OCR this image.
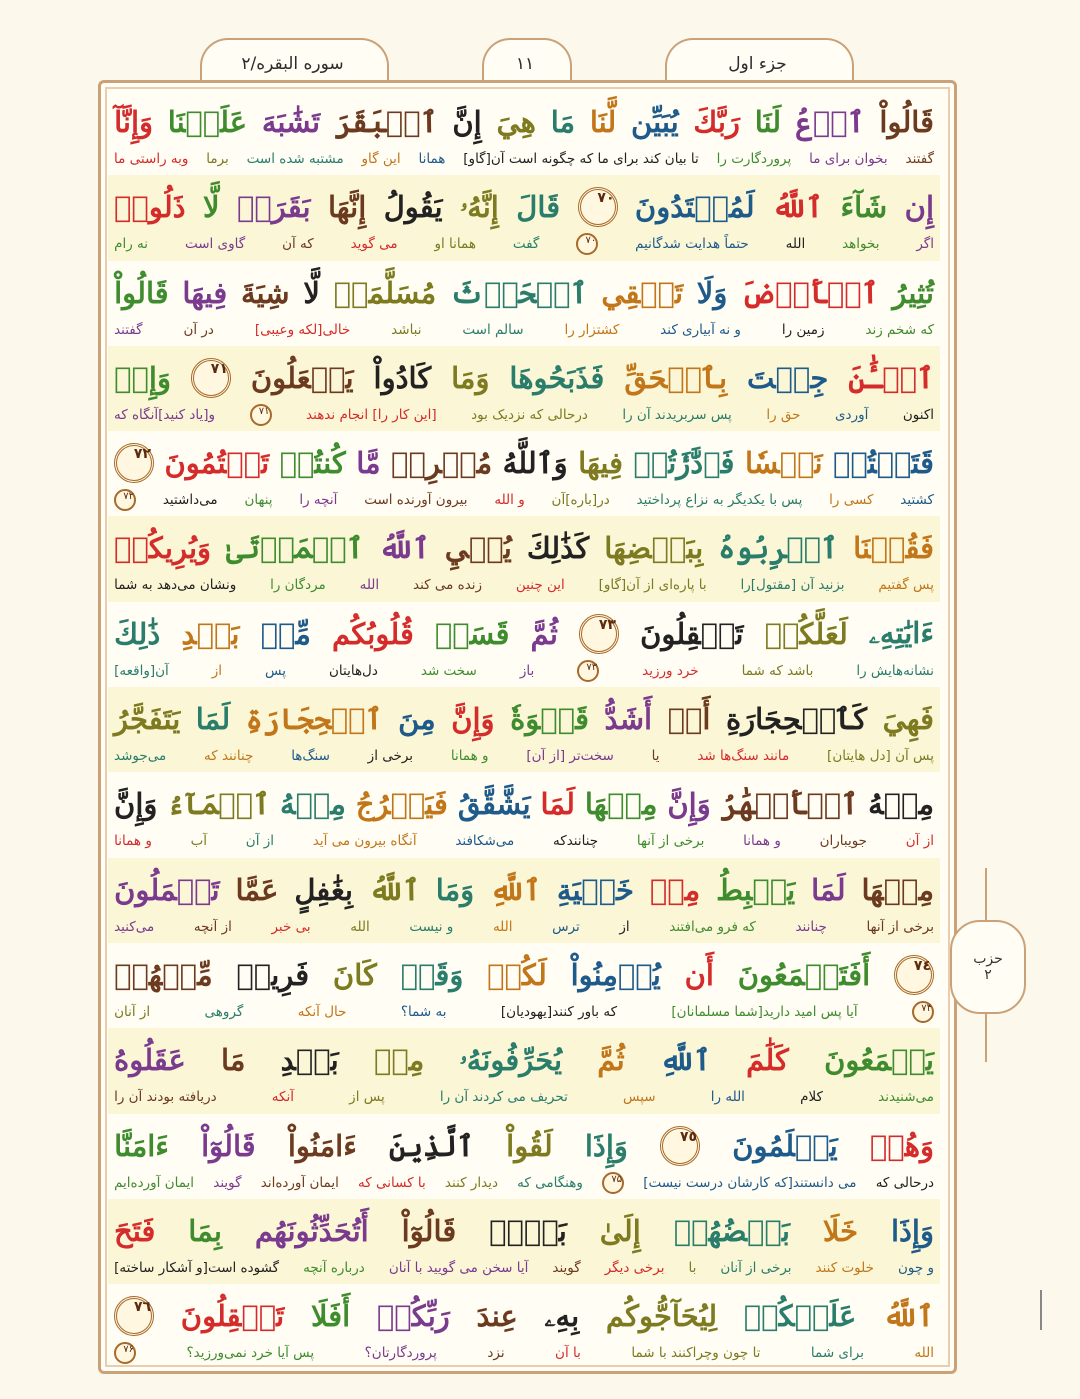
سوره البقره/۲	۱۱	جزء اول
قَالُواْ
ٱدۡعُ
لَنَا
رَبَّكَ
يُبَيِّن
لَّنَا
مَا
هِيَ
إِنَّ
ٱلۡبَقَرَ
تَشَٰبَهَ
عَلَيۡنَا
وَإِنَّآ
گفتند
بخوان برای ما
پروردگارت را
تا بیان کند برای ما که چگونه است آن[گاو]
همانا
این گاو
مشتبه شده است
برما
وبه راستی ما
إِن
شَآءَ
ٱللَّهُ
لَمُهۡتَدُونَ
٧٠
قَالَ
إِنَّهُۥ
يَقُولُ
إِنَّهَا
بَقَرَةٞ
لَّا
ذَلُولٞ
اگر
بخواهد
الله
حتماً هدایت شدگانیم
۷۰
گفت
همانا او
می گوید
که آن
گاوی است
نه رام
تُثِيرُ
ٱلۡأَرۡضَ
وَلَا
تَسۡقِي
ٱلۡحَرۡثَ
مُسَلَّمَةٞ
لَّا
شِيَةَ
فِيهَا
قَالُواْ
که شخم زند
زمین را
و نه آبیاری کند
کشتزار را
سالم است
نباشد
خالی[لکه وعیبی]
در آن
گفتند
ٱلۡـَٰٔنَ
جِئۡتَ
بِٱلۡحَقِّ
فَذَبَحُوهَا
وَمَا
كَادُواْ
يَفۡعَلُونَ
٧١
وَإِذۡ
اکنون
آوردی
حق را
پس سربریدند آن را
درحالی که نزدیک بود
[این کار را] انجام ندهند
۷۱
و[یاد کنید]آنگاه که
قَتَلۡتُمۡ
نَفۡسٗا
فَٱدَّٰرَٰٔتُمۡ
فِيهَا
وَٱللَّهُ
مُخۡرِجٞ
مَّا
كُنتُمۡ
تَكۡتُمُونَ
٧٢
کشتید
کسی را
پس با یکدیگر به نزاع پرداختید
در[باره]آن
و الله
بیرون آورنده است
آنچه را
پنهان
می‌داشتید
۷۲
فَقُلۡنَا
ٱضۡرِبُوهُ
بِبَعۡضِهَا
كَذَٰلِكَ
يُحۡيِ
ٱللَّهُ
ٱلۡمَوۡتَىٰ
وَيُرِيكُمۡ
پس گفتیم
بزنید آن [مقتول]را
با پاره‌ای از آن[گاو]
این چنین
زنده می کند
الله
مردگان را
ونشان می‌دهد به شما
ءَايَٰتِهِۦ
لَعَلَّكُمۡ
تَعۡقِلُونَ
٧٣
ثُمَّ
قَسَتۡ
قُلُوبُكُم
مِّنۢ
بَعۡدِ
ذَٰلِكَ
نشانه‌هایش را
باشد که شما
خرد ورزید
۷۳
باز
سخت شد
دل‌هایتان
پس
از
آن[واقعه]
فَهِيَ
كَٱلۡحِجَارَةِ
أَوۡ
أَشَدُّ
قَسۡوَةٗ
وَإِنَّ
مِنَ
ٱلۡحِجَارَةِ
لَمَا
يَتَفَجَّرُ
پس آن [دل هایتان]
مانند سنگ‌ها شد
یا
سخت‌تر [از آن]
و همانا
برخی از
سنگ‌ها
چنانند که
می‌جوشد
مِنۡهُ
ٱلۡأَنۡهَٰرُ
وَإِنَّ
مِنۡهَا
لَمَا
يَشَّقَّقُ
فَيَخۡرُجُ
مِنۡهُ
ٱلۡمَآءُ
وَإِنَّ
از آن
جویباران
و همانا
برخی از آنها
چنانندکه
می‌شکافند
آنگاه بیرون می آید
از آن
آب
و همانا
مِنۡهَا
لَمَا
يَهۡبِطُ
مِنۡ
خَشۡيَةِ
ٱللَّهِ
وَمَا
ٱللَّهُ
بِغَٰفِلٍ
عَمَّا
تَعۡمَلُونَ
برخی از آنها
چنانند
که فرو می‌افتند
از
ترس
الله
و نیست
الله
بی خبر
از آنچه
می‌کنید
٧٤
أَفَتَطۡمَعُونَ
أَن
يُؤۡمِنُواْ
لَكُمۡ
وَقَدۡ
كَانَ
فَرِيقٞ
مِّنۡهُمۡ
۷۴
آیا پس امید دارید[شما مسلمانان]
که باور کنند[یهودیان]
به شما؟
حال آنکه
گروهی
از آنان
يَسۡمَعُونَ
كَلَٰمَ
ٱللَّهِ
ثُمَّ
يُحَرِّفُونَهُۥ
مِنۢ
بَعۡدِ
مَا
عَقَلُوهُ
می‌شنیدند
کلام
الله را
سپس
تحریف می کردند آن را
پس از
آنکه
دریافته بودند آن را
وَهُمۡ
يَعۡلَمُونَ
٧٥
وَإِذَا
لَقُواْ
ٱلَّذِينَ
ءَامَنُواْ
قَالُوٓاْ
ءَامَنَّا
درحالی که
می دانستند[که کارشان درست نیست]
۷۵
وهنگامی که
دیدار کنند
با کسانی که
ایمان آورده‌اند
گویند
ایمان آورده‌ایم
وَإِذَا
خَلَا
بَعۡضُهُمۡ
إِلَىٰ
بَعۡضٖ
قَالُوٓاْ
أَتُحَدِّثُونَهُم
بِمَا
فَتَحَ
و چون
خلوت کنند
برخی از آنان
با
برخی دیگر
گویند
آیا سخن می گویید با آنان
درباره آنچه
گشوده است[و آشکار ساخته]
ٱللَّهُ
عَلَيۡكُمۡ
لِيُحَآجُّوكُم
بِهِۦ
عِندَ
رَبِّكُمۡ
أَفَلَا
تَعۡقِلُونَ
٧٦
الله
برای شما
تا چون وچراکنند با شما
با آن
نزد
پروردگارتان؟
پس آیا خرد نمی‌ورزید؟
۷۶
حزب
۲
